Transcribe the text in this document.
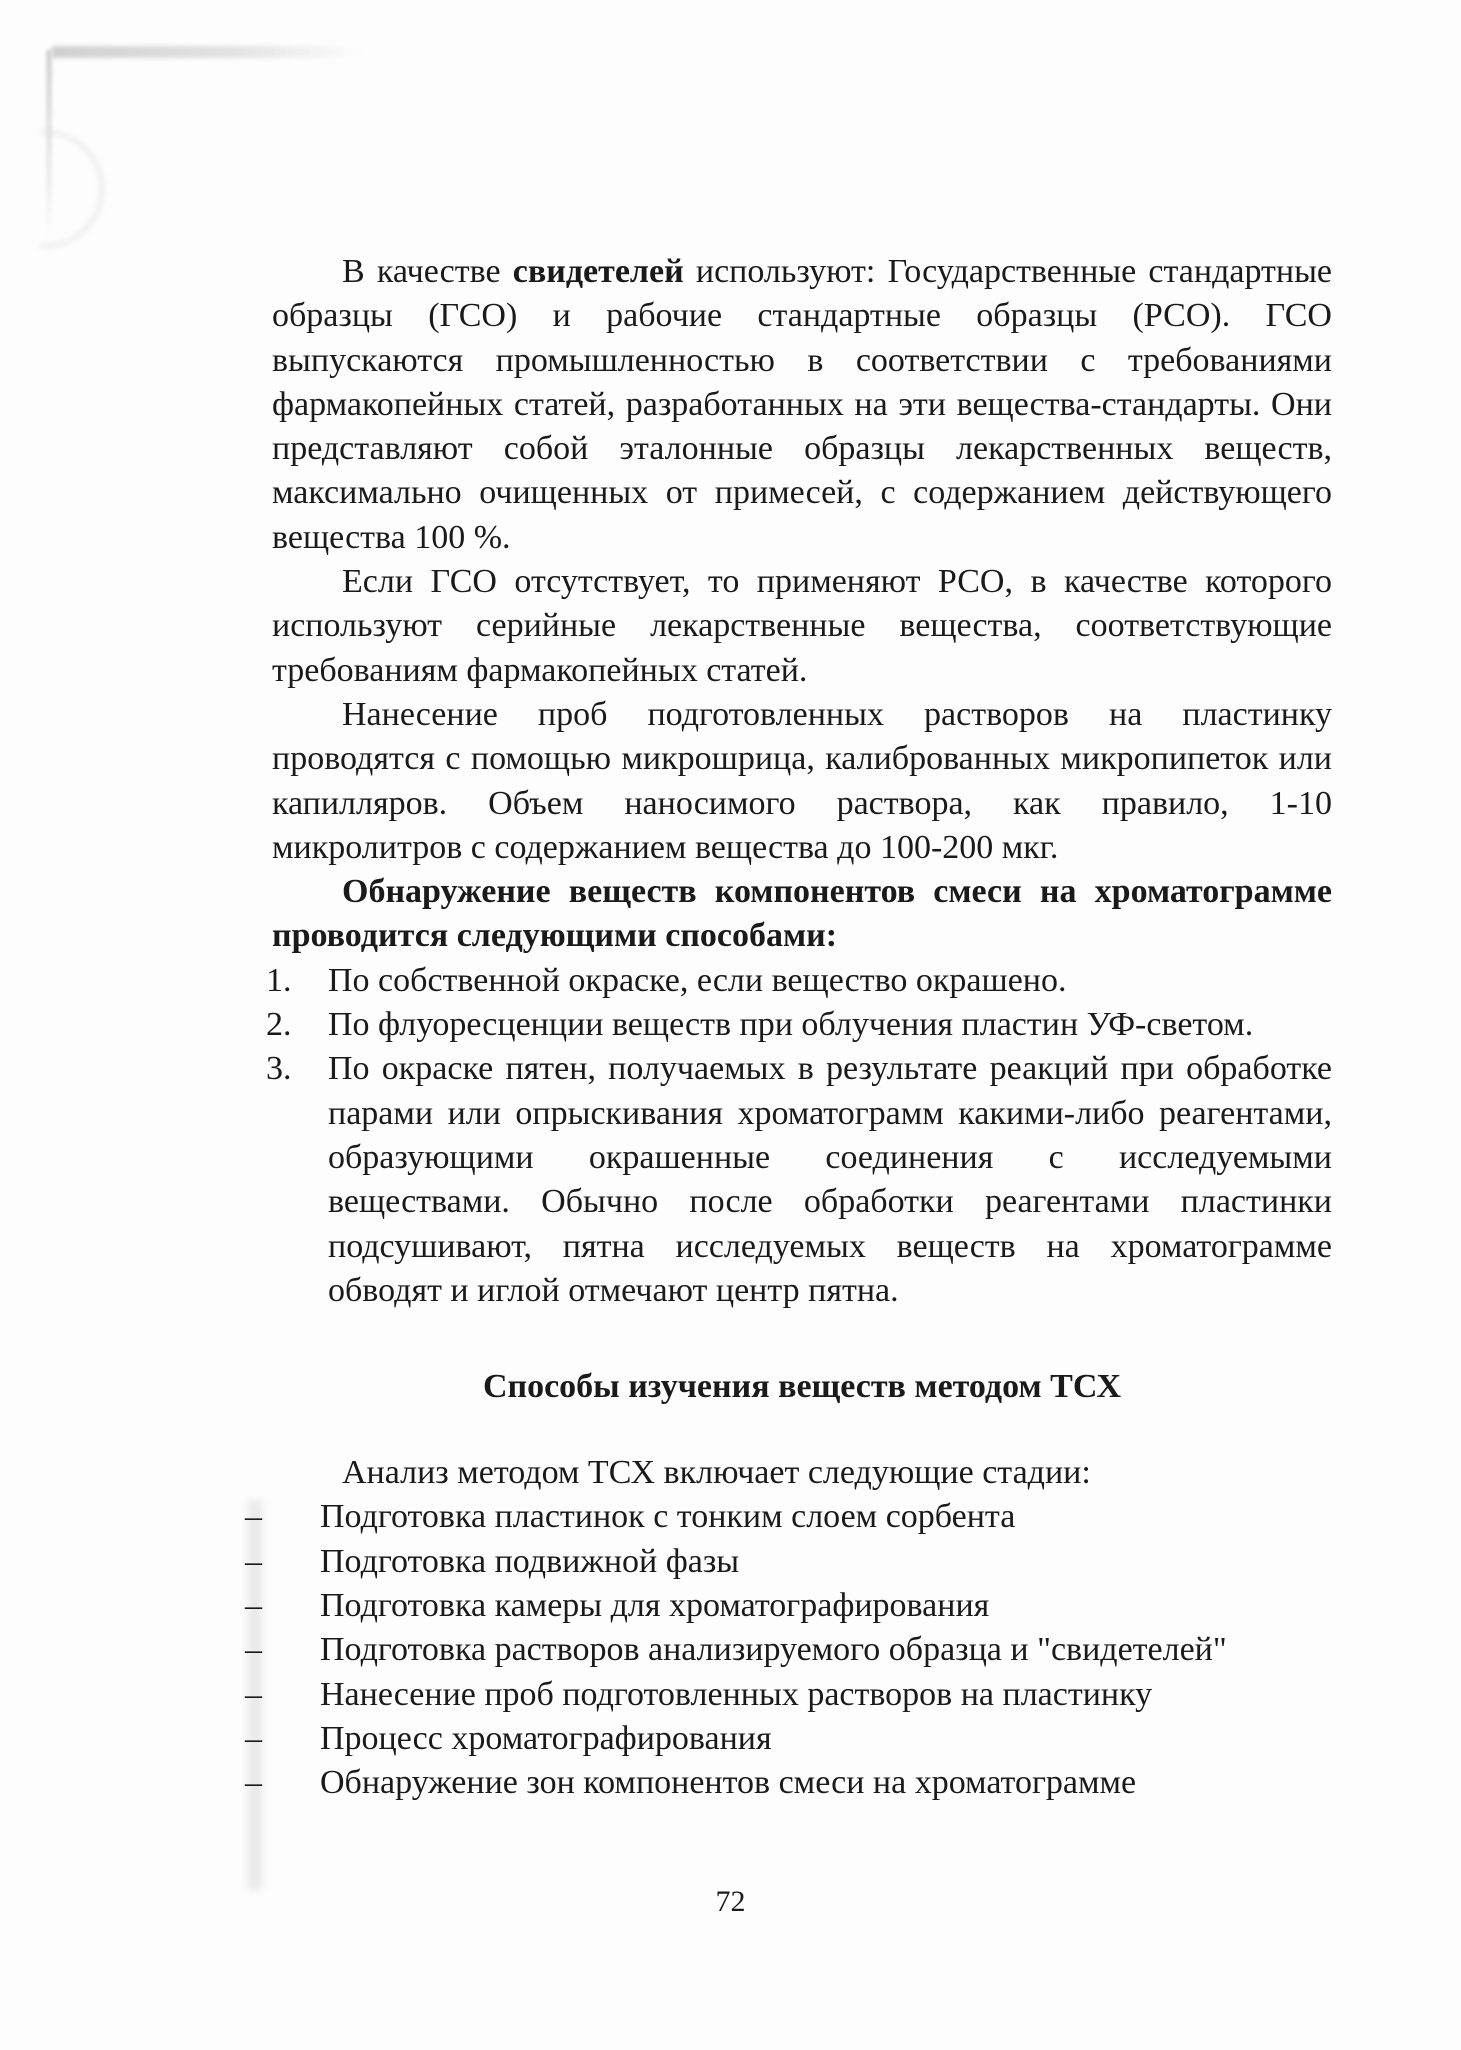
В качестве свидетелей используют: Государственные стандартные образцы (ГСО) и рабочие стандартные образцы (РСО). ГСО выпускаются промышленностью в соответствии с требованиями фармакопейных статей, разработанных на эти вещества-стандарты. Они представляют собой эталонные образцы лекарственных веществ, максимально очищенных от примесей, с содержанием действующего вещества 100 %.

Если ГСО отсутствует, то применяют РСО, в качестве которого используют серийные лекарственные вещества, соответствующие требованиям фармакопейных статей.

Нанесение проб подготовленных растворов на пластинку проводятся с помощью микрошрица, калиброванных микропипеток или капилляров. Объем наносимого раствора, как правило, 1-10 микролитров с содержанием вещества до 100-200 мкг.

Обнаружение веществ компонентов смеси на хроматограмме проводится следующими способами:

1. По собственной окраске, если вещество окрашено.
2. По флуоресценции веществ при облучения пластин УФ-светом.
3. По окраске пятен, получаемых в результате реакций при обработке парами или опрыскивания хроматограмм какими-либо реагентами, образующими окрашенные соединения с исследуемыми веществами. Обычно после обработки реагентами пластинки подсушивают, пятна исследуемых веществ на хроматограмме обводят и иглой отмечают центр пятна.
Способы изучения веществ методом ТСХ

Анализ методом ТСХ включает следующие стадии:

– Подготовка пластинок с тонким слоем сорбента
– Подготовка подвижной фазы
– Подготовка камеры для хроматографирования
– Подготовка растворов анализируемого образца и "свидетелей"
– Нанесение проб подготовленных растворов на пластинку
– Процесс хроматографирования
– Обнаружение зон компонентов смеси на хроматограмме
72
